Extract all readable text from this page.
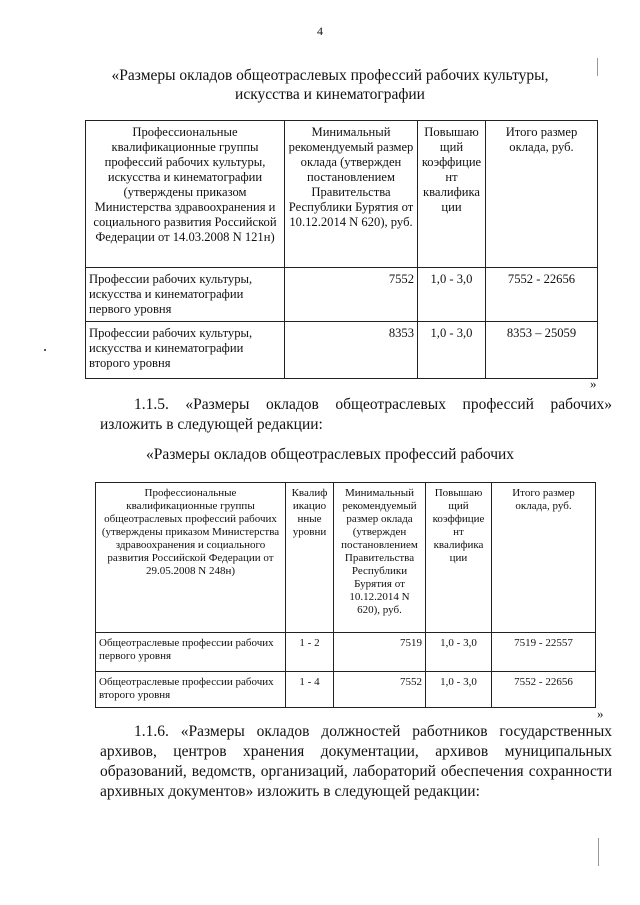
4
«Размеры окладов общеотраслевых профессий рабочих культуры,
искусства и кинематографии
Профессиональные квалификационные группы профессий рабочих культуры, искусства и кинематографии (утверждены приказом Министерства здравоохранения и социального развития Российской Федерации от 14.03.2008 N 121н)	Минимальный рекомендуемый размер оклада (утвержден постановлением Правительства Республики Бурятия от 10.12.2014 N 620), руб.	Повышаю щий коэффицие нт квалифика ции	Итого размер оклада, руб.
Профессии рабочих культуры, искусства и кинематографии первого уровня	7552	1,0 - 3,0	7552 - 22656
Профессии рабочих культуры, искусства и кинематографии второго уровня	8353	1,0 - 3,0	8353 – 25059
»
1.1.5. «Размеры окладов общеотраслевых профессий рабочих» изложить в следующей редакции:
«Размеры окладов общеотраслевых профессий рабочих
Профессиональные квалификационные группы общеотраслевых профессий рабочих (утверждены приказом Министерства здравоохранения и социального развития Российской Федерации от 29.05.2008 N 248н)	Квалиф икацио нные уровни	Минимальный рекомендуемый размер оклада (утвержден постановлением Правительства Республики Бурятия от 10.12.2014 N 620), руб.	Повышаю щий коэффицие нт квалифика ции	Итого размер оклада, руб.
Общеотраслевые профессии рабочих первого уровня	1 - 2	7519	1,0 - 3,0	7519 - 22557
Общеотраслевые профессии рабочих второго уровня	1 - 4	7552	1,0 - 3,0	7552 - 22656
»
1.1.6. «Размеры окладов должностей работников государственных архивов, центров хранения документации, архивов муниципальных образований, ведомств, организаций, лабораторий обеспечения сохранности архивных документов» изложить в следующей редакции:
